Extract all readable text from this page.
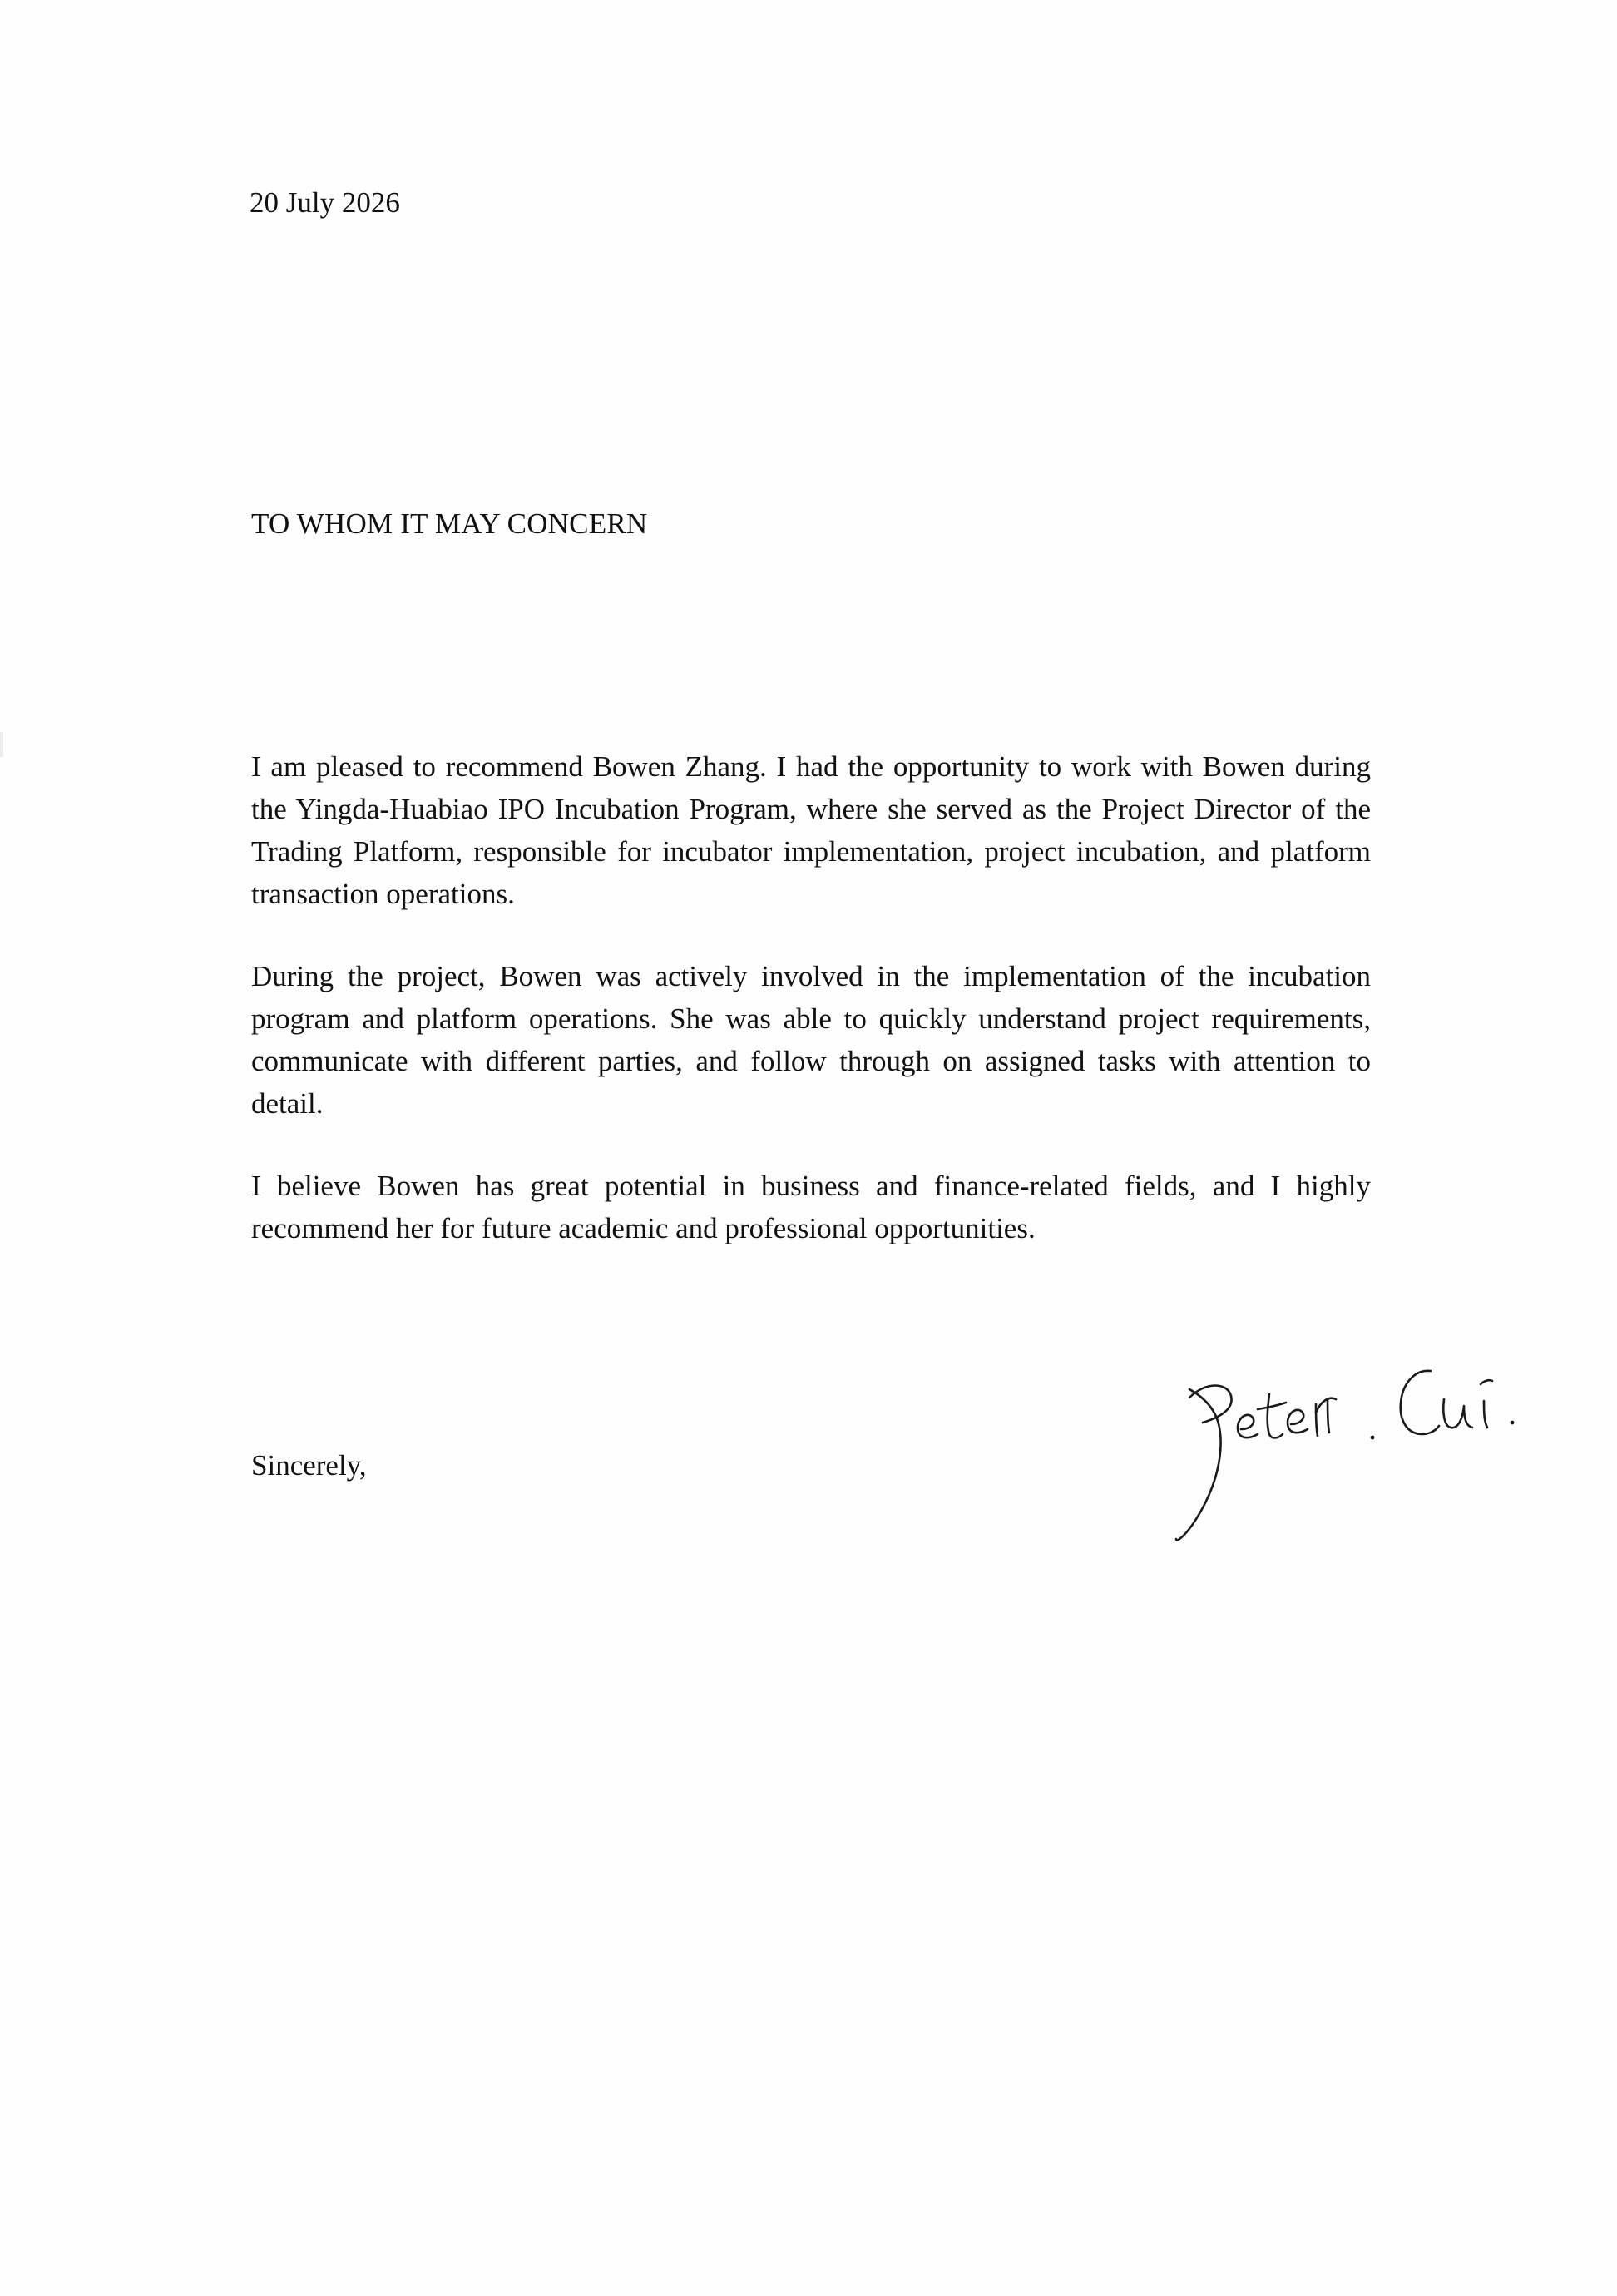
20 July 2026
TO WHOM IT MAY CONCERN

I am pleased to recommend Bowen Zhang. I had the opportunity to work with Bowen during the Yingda-Huabiao IPO Incubation Program, where she served as the Project Director of the Trading Platform, responsible for incubator implementation, project incubation, and platform transaction operations.

During the project, Bowen was actively involved in the implementation of the incubation program and platform operations. She was able to quickly understand project requirements, communicate with different parties, and follow through on assigned tasks with attention to detail.

I believe Bowen has great potential in business and finance-related fields, and I highly recommend her for future academic and professional opportunities.

Sincerely,
